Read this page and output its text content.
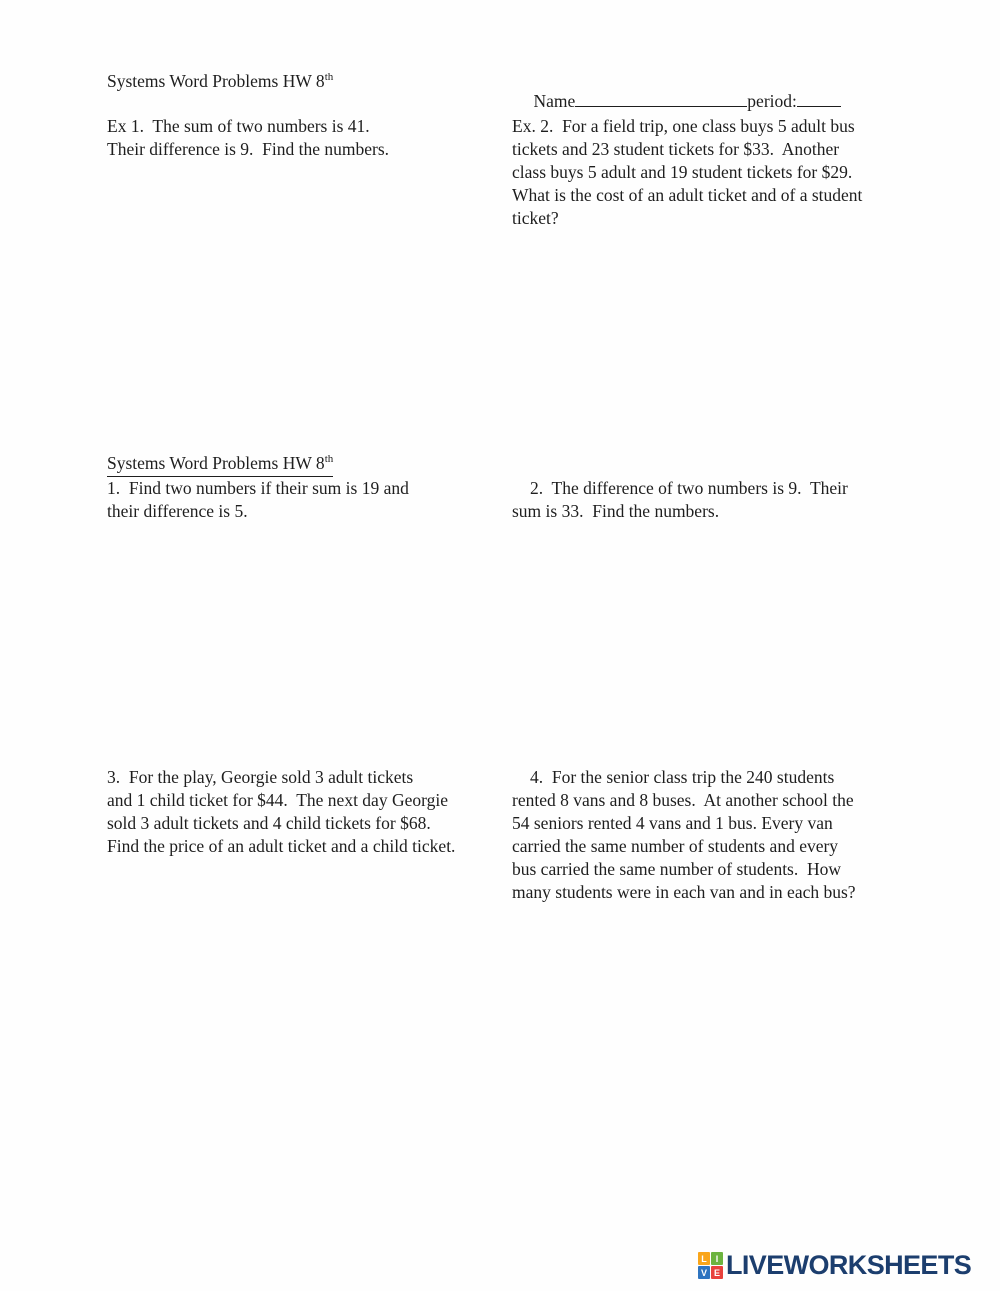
Systems Word Problems HW 8th

Name	period:

Ex 1.  The sum of two numbers is 41.
Their difference is 9.  Find the numbers.
Ex. 2.  For a field trip, one class buys 5 adult bus
tickets and 23 student tickets for $33.  Another
class buys 5 adult and 19 student tickets for $29.
What is the cost of an adult ticket and of a student
ticket?
Systems Word Problems HW 8th
1.  Find two numbers if their sum is 19 and
their difference is 5.
2.  The difference of two numbers is 9.  Their
sum is 33.  Find the numbers.
3.  For the play, Georgie sold 3 adult tickets
and 1 child ticket for $44.  The next day Georgie
sold 3 adult tickets and 4 child tickets for $68.
Find the price of an adult ticket and a child ticket.
4.  For the senior class trip the 240 students
rented 8 vans and 8 buses.  At another school the
54 seniors rented 4 vans and 1 bus. Every van
carried the same number of students and every
bus carried the same number of students.  How
many students were in each van and in each bus?
L I
V E LIVEWORKSHEETS
